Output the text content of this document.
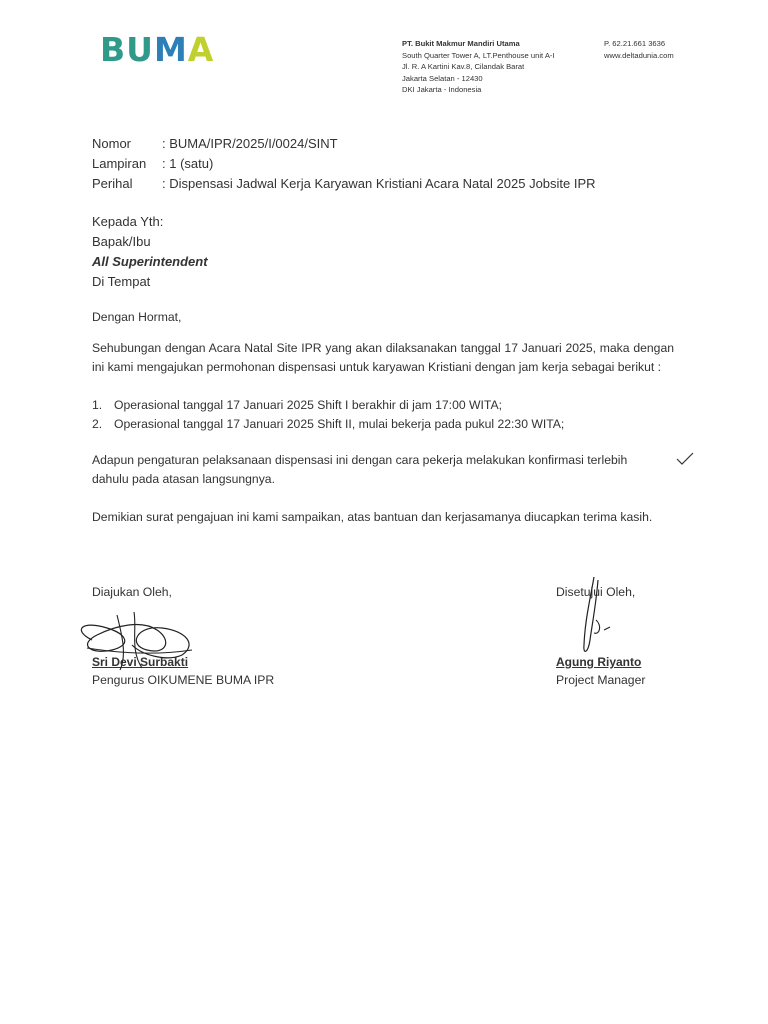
BUMA	PT. Bukit Makmur Mandiri Utama
South Quarter Tower A, LT.Penthouse unit A-I
Jl. R. A Kartini Kav.8, Cilandak Barat
Jakarta Selatan - 12430
DKI Jakarta - Indonesia
P. 62.21.661 3636
www.deltadunia.com
Nomor : BUMA/IPR/2025/I/0024/SINT
Lampiran : 1 (satu)
Perihal : Dispensasi Jadwal Kerja Karyawan Kristiani Acara Natal 2025 Jobsite IPR
Kepada Yth:
Bapak/Ibu
All Superintendent
Di Tempat
Dengan Hormat,
Sehubungan dengan Acara Natal Site IPR yang akan dilaksanakan tanggal 17 Januari 2025, maka dengan ini kami mengajukan permohonan dispensasi untuk karyawan Kristiani dengan jam kerja sebagai berikut :
1. Operasional tanggal 17 Januari 2025 Shift I berakhir di jam 17:00 WITA;
2. Operasional tanggal 17 Januari 2025 Shift II, mulai bekerja pada pukul 22:30 WITA;
Adapun pengaturan pelaksanaan dispensasi ini dengan cara pekerja melakukan konfirmasi terlebih dahulu pada atasan langsungnya.
Demikian surat pengajuan ini kami sampaikan, atas bantuan dan kerjasamanya diucapkan terima kasih.
Diajukan Oleh,
Sri Devi Surbakti
Pengurus OIKUMENE BUMA IPR
Disetujui Oleh,
Agung Riyanto
Project Manager
